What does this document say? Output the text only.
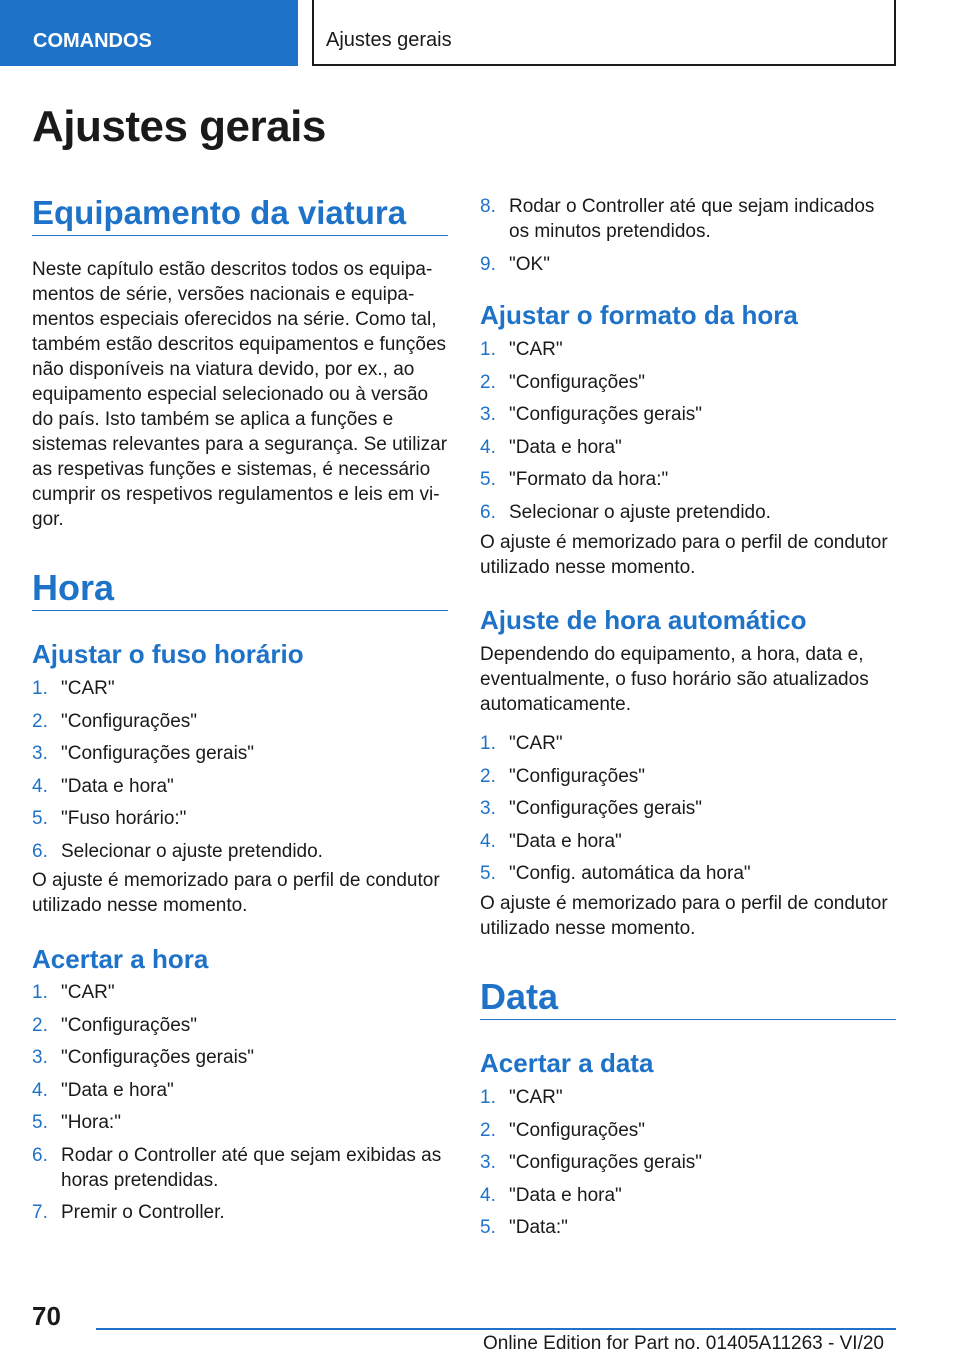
COMANDOS	Ajustes gerais
Ajustes gerais
Equipamento da viatura

Neste capítulo estão descritos todos os equipamentos de série, versões nacionais e equipamentos especiais oferecidos na série. Como tal, também estão descritos equipamentos e funções não disponíveis na viatura devido, por ex., ao equipamento especial selecionado ou à versão do país. Isto também se aplica a funções e sistemas relevantes para a segurança. Se utilizar as respetivas funções e sistemas, é necessário cumprir os respetivos regulamentos e leis em vigor.

Hora
Ajustar o fuso horário
1. "CAR"
2. "Configurações"
3. "Configurações gerais"
4. "Data e hora"
5. "Fuso horário:"
6. Selecionar o ajuste pretendido.

O ajuste é memorizado para o perfil de condutor utilizado nesse momento.

Acertar a hora
1. "CAR"
2. "Configurações"
3. "Configurações gerais"
4. "Data e hora"
5. "Hora:"
6. Rodar o Controller até que sejam exibidas as horas pretendidas.
7. Premir o Controller.
8. Rodar o Controller até que sejam indicados os minutos pretendidos.
9. "OK"
Ajustar o formato da hora
1. "CAR"
2. "Configurações"
3. "Configurações gerais"
4. "Data e hora"
5. "Formato da hora:"
6. Selecionar o ajuste pretendido.

O ajuste é memorizado para o perfil de condutor utilizado nesse momento.

Ajuste de hora automático

Dependendo do equipamento, a hora, data e, eventualmente, o fuso horário são atualizados automaticamente.

1. "CAR"
2. "Configurações"
3. "Configurações gerais"
4. "Data e hora"
5. "Config. automática da hora"

O ajuste é memorizado para o perfil de condutor utilizado nesse momento.

Data
Acertar a data
1. "CAR"
2. "Configurações"
3. "Configurações gerais"
4. "Data e hora"
5. "Data:"
70
Online Edition for Part no. 01405A11263 - VI/20
